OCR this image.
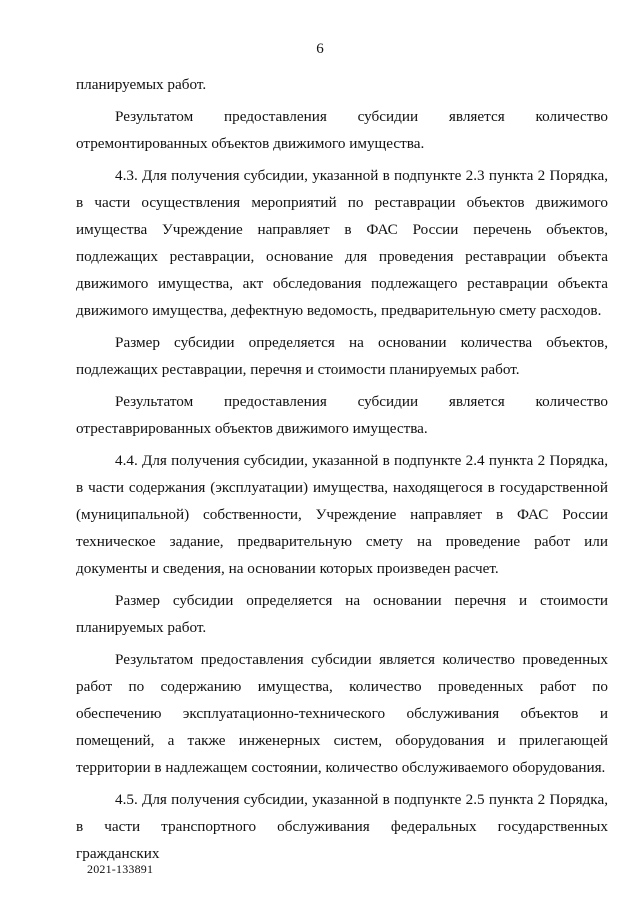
6

планируемых работ.

Результатом предоставления субсидии является количество отремонтированных объектов движимого имущества.

4.3. Для получения субсидии, указанной в подпункте 2.3 пункта 2 Порядка, в части осуществления мероприятий по реставрации объектов движимого имущества Учреждение направляет в ФАС России перечень объектов, подлежащих реставрации, основание для проведения реставрации объекта движимого имущества, акт обследования подлежащего реставрации объекта движимого имущества, дефектную ведомость, предварительную смету расходов.

Размер субсидии определяется на основании количества объектов, подлежащих реставрации, перечня и стоимости планируемых работ.

Результатом предоставления субсидии является количество отреставрированных объектов движимого имущества.

4.4. Для получения субсидии, указанной в подпункте 2.4 пункта 2 Порядка, в части содержания (эксплуатации) имущества, находящегося в государственной (муниципальной) собственности, Учреждение направляет в ФАС России техническое задание, предварительную смету на проведение работ или документы и сведения, на основании которых произведен расчет.

Размер субсидии определяется на основании перечня и стоимости планируемых работ.

Результатом предоставления субсидии является количество проведенных работ по содержанию имущества, количество проведенных работ по обеспечению эксплуатационно-технического обслуживания объектов и помещений, а также инженерных систем, оборудования и прилегающей территории в надлежащем состоянии, количество обслуживаемого оборудования.

4.5. Для получения субсидии, указанной в подпункте 2.5 пункта 2 Порядка, в части транспортного обслуживания федеральных государственных гражданских

2021-133891
